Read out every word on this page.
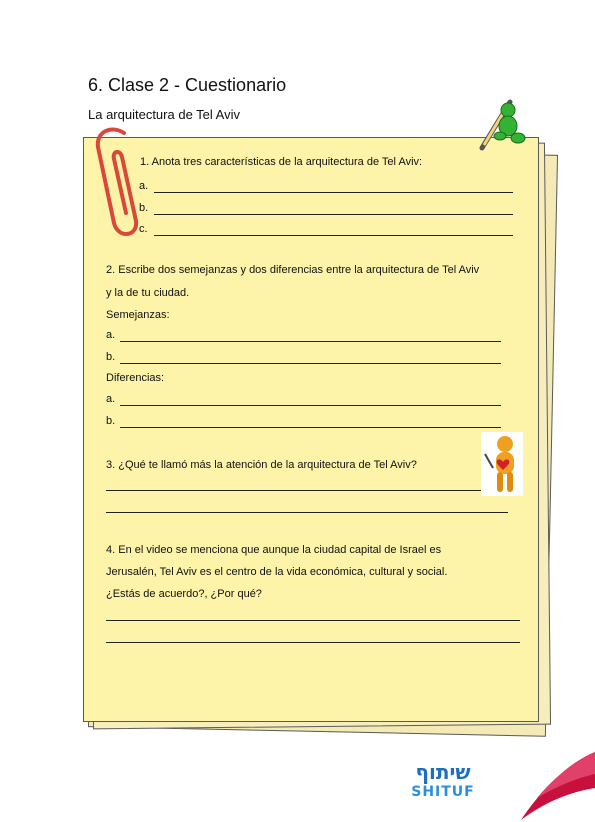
6. Clase 2 - Cuestionario
La arquitectura de Tel Aviv
1. Anota tres características de la arquitectura de Tel Aviv:
a.
b.
c.
2. Escribe dos semejanzas y dos diferencias entre la arquitectura de Tel Aviv
y la de tu ciudad.
Semejanzas:
a.
b.
Diferencias:
a.
b.
3. ¿Qué te llamó más la atención de la arquitectura de Tel Aviv?
4. En el video se menciona que aunque la ciudad capital de Israel es
Jerusalén, Tel Aviv es el centro de la vida económica, cultural y social.
¿Estás de acuerdo?, ¿Por qué?
שיתוף
SHITUF
